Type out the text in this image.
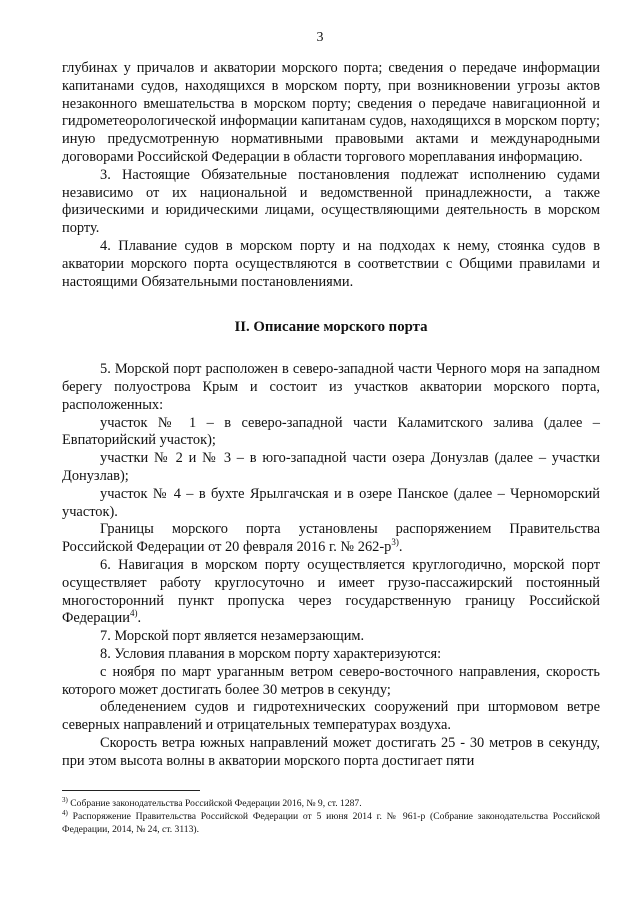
3

глубинах у причалов и акватории морского порта; сведения о передаче информации капитанами судов, находящихся в морском порту, при возникновении угрозы актов незаконного вмешательства в морском порту; сведения о передаче навигационной и гидрометеорологической информации капитанам судов, находящихся в морском порту; иную предусмотренную нормативными правовыми актами и международными договорами Российской Федерации в области торгового мореплавания информацию.

3. Настоящие Обязательные постановления подлежат исполнению судами независимо от их национальной и ведомственной принадлежности, а также физическими и юридическими лицами, осуществляющими деятельность в морском порту.

4. Плавание судов в морском порту и на подходах к нему, стоянка судов в акватории морского порта осуществляются в соответствии с Общими правилами и настоящими Обязательными постановлениями.

II. Описание морского порта

5. Морской порт расположен в северо-западной части Черного моря на западном берегу полуострова Крым и состоит из участков акватории морского порта, расположенных:

участок № 1 – в северо-западной части Каламитского залива (далее – Евпаторийский участок);

участки № 2 и № 3 – в юго-западной части озера Донузлав (далее – участки Донузлав);

участок № 4 – в бухте Ярылгачская и в озере Панское (далее – Черноморский участок).

Границы морского порта установлены распоряжением Правительства Российской Федерации от 20 февраля 2016 г. № $262-р^{3)}$.

6. Навигация в морском порту осуществляется круглогодично, морской порт осуществляет работу круглосуточно и имеет грузо-пассажирский постоянный многосторонний пункт пропуска через государственную границу Российской Федерации$^{4)}$.

7. Морской порт является незамерзающим.

8. Условия плавания в морском порту характеризуются:

с ноября по март ураганным ветром северо-восточного направления, скорость которого может достигать более 30 метров в секунду;

обледенением судов и гидротехнических сооружений при штормовом ветре северных направлений и отрицательных температурах воздуха.

Скорость ветра южных направлений может достигать 25 - 30 метров в секунду, при этом высота волны в акватории морского порта достигает пяти

$^{3)}$ Собрание законодательства Российской Федерации 2016, № 9, ст. 1287.

$^{4)}$ Распоряжение Правительства Российской Федерации от 5 июня 2014 г. № 961-р (Собрание законодательства Российской Федерации, 2014, № 24, ст. 3113).
